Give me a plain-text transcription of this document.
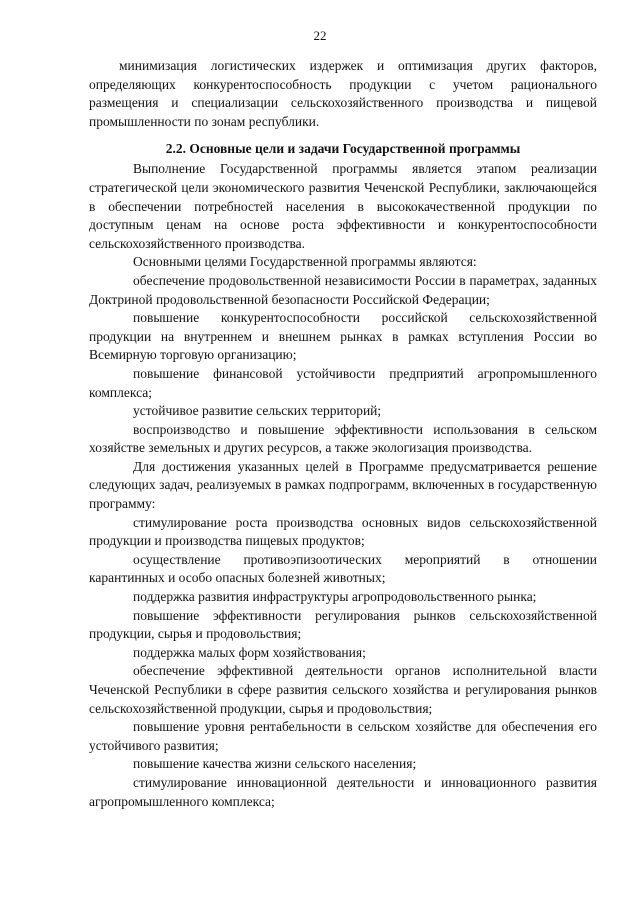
22

минимизация логистических издержек и оптимизация других факторов, определяющих конкурентоспособность продукции с учетом рационального размещения и специализации сельскохозяйственного производства и пищевой промышленности по зонам республики.

2.2. Основные цели и задачи Государственной программы

Выполнение Государственной программы является этапом реализации стратегической цели экономического развития Чеченской Республики, заключающейся в обеспечении потребностей населения в высококачественной продукции по доступным ценам на основе роста эффективности и конкурентоспособности сельскохозяйственного производства.

Основными целями Государственной программы являются:

обеспечение продовольственной независимости России в параметрах, заданных Доктриной продовольственной безопасности Российской Федерации;

повышение конкурентоспособности российской сельскохозяйственной продукции на внутреннем и внешнем рынках в рамках вступления России во Всемирную торговую организацию;

повышение финансовой устойчивости предприятий агропромышленного комплекса;

устойчивое развитие сельских территорий;

воспроизводство и повышение эффективности использования в сельском хозяйстве земельных и других ресурсов, а также экологизация производства.

Для достижения указанных целей в Программе предусматривается решение следующих задач, реализуемых в рамках подпрограмм, включенных в государственную программу:

стимулирование роста производства основных видов сельскохозяйственной продукции и производства пищевых продуктов;

осуществление противоэпизоотических мероприятий в отношении карантинных и особо опасных болезней животных;

поддержка развития инфраструктуры агропродовольственного рынка;

повышение эффективности регулирования рынков сельскохозяйственной продукции, сырья и продовольствия;

поддержка малых форм хозяйствования;

обеспечение эффективной деятельности органов исполнительной власти Чеченской Республики в сфере развития сельского хозяйства и регулирования рынков сельскохозяйственной продукции, сырья и продовольствия;

повышение уровня рентабельности в сельском хозяйстве для обеспечения его устойчивого развития;

повышение качества жизни сельского населения;

стимулирование инновационной деятельности и инновационного развития агропромышленного комплекса;
